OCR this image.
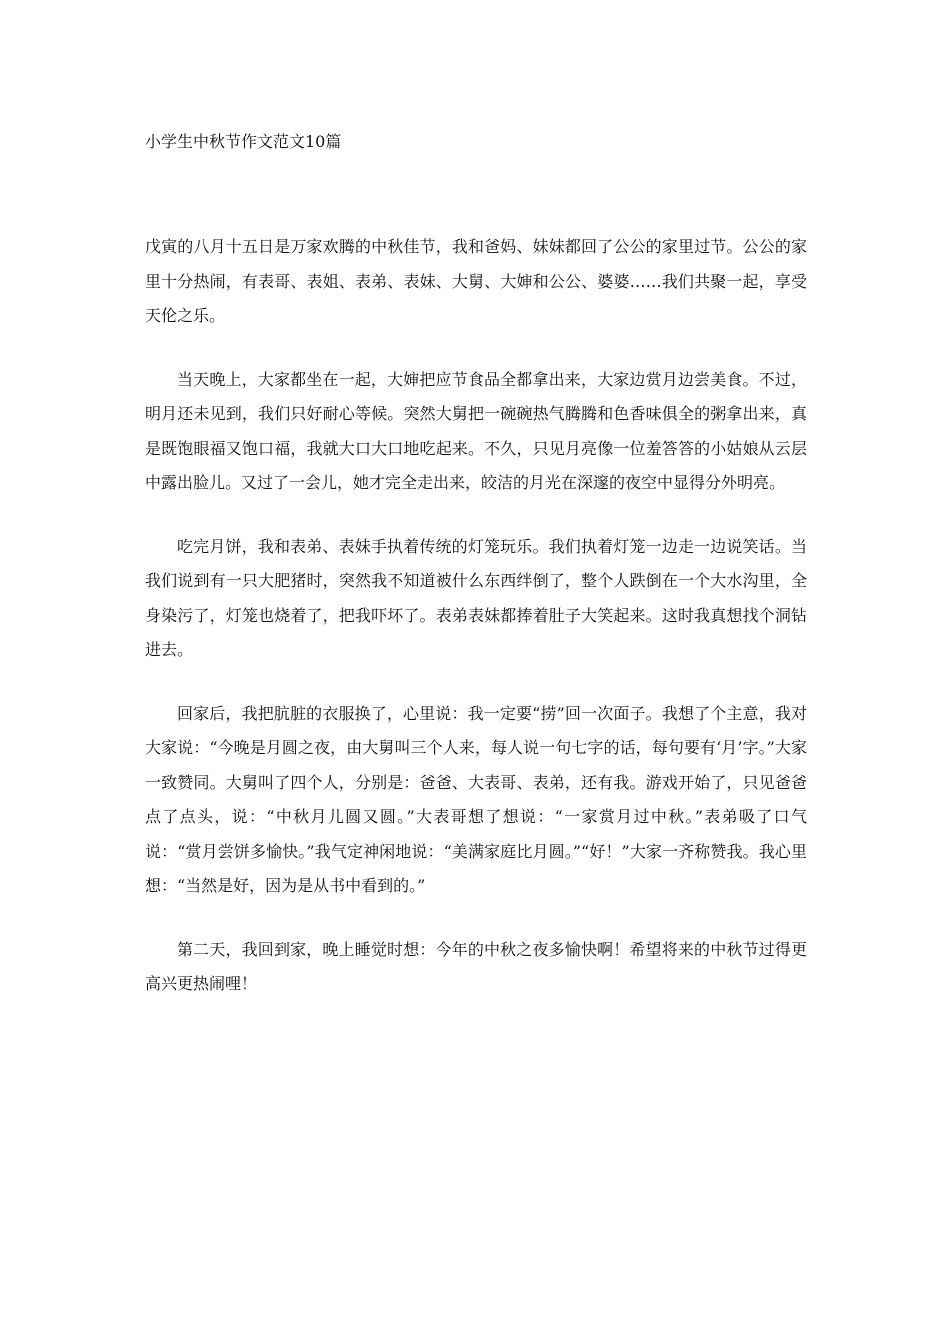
小学生中秋节作文范文10篇

戊寅的八月十五日是万家欢腾的中秋佳节，我和爸妈、妹妹都回了公公的家里过节。公公的家里十分热闹，有表哥、表姐、表弟、表妹、大舅、大婶和公公、婆婆……我们共聚一起，享受天伦之乐。

当天晚上，大家都坐在一起，大婶把应节食品全都拿出来，大家边赏月边尝美食。不过，明月还未见到，我们只好耐心等候。突然大舅把一碗碗热气腾腾和色香味俱全的粥拿出来，真是既饱眼福又饱口福，我就大口大口地吃起来。不久，只见月亮像一位羞答答的小姑娘从云层中露出脸儿。又过了一会儿，她才完全走出来，皎洁的月光在深邃的夜空中显得分外明亮。

吃完月饼，我和表弟、表妹手执着传统的灯笼玩乐。我们执着灯笼一边走一边说笑话。当我们说到有一只大肥猪时，突然我不知道被什么东西绊倒了，整个人跌倒在一个大水沟里，全身染污了，灯笼也烧着了，把我吓坏了。表弟表妹都捧着肚子大笑起来。这时我真想找个洞钻进去。

回家后，我把肮脏的衣服换了，心里说：我一定要“捞”回一次面子。我想了个主意，我对大家说：“今晚是月圆之夜，由大舅叫三个人来，每人说一句七字的话，每句要有‘月’字。”大家一致赞同。大舅叫了四个人，分别是：爸爸、大表哥、表弟，还有我。游戏开始了，只见爸爸点了点头，说：“中秋月儿圆又圆。”大表哥想了想说：“一家赏月过中秋。”表弟吸了口气说：“赏月尝饼多愉快。”我气定神闲地说：“美满家庭比月圆。”“好！”大家一齐称赞我。我心里想：“当然是好，因为是从书中看到的。”

第二天，我回到家，晚上睡觉时想：今年的中秋之夜多愉快啊！希望将来的中秋节过得更高兴更热闹哩！
